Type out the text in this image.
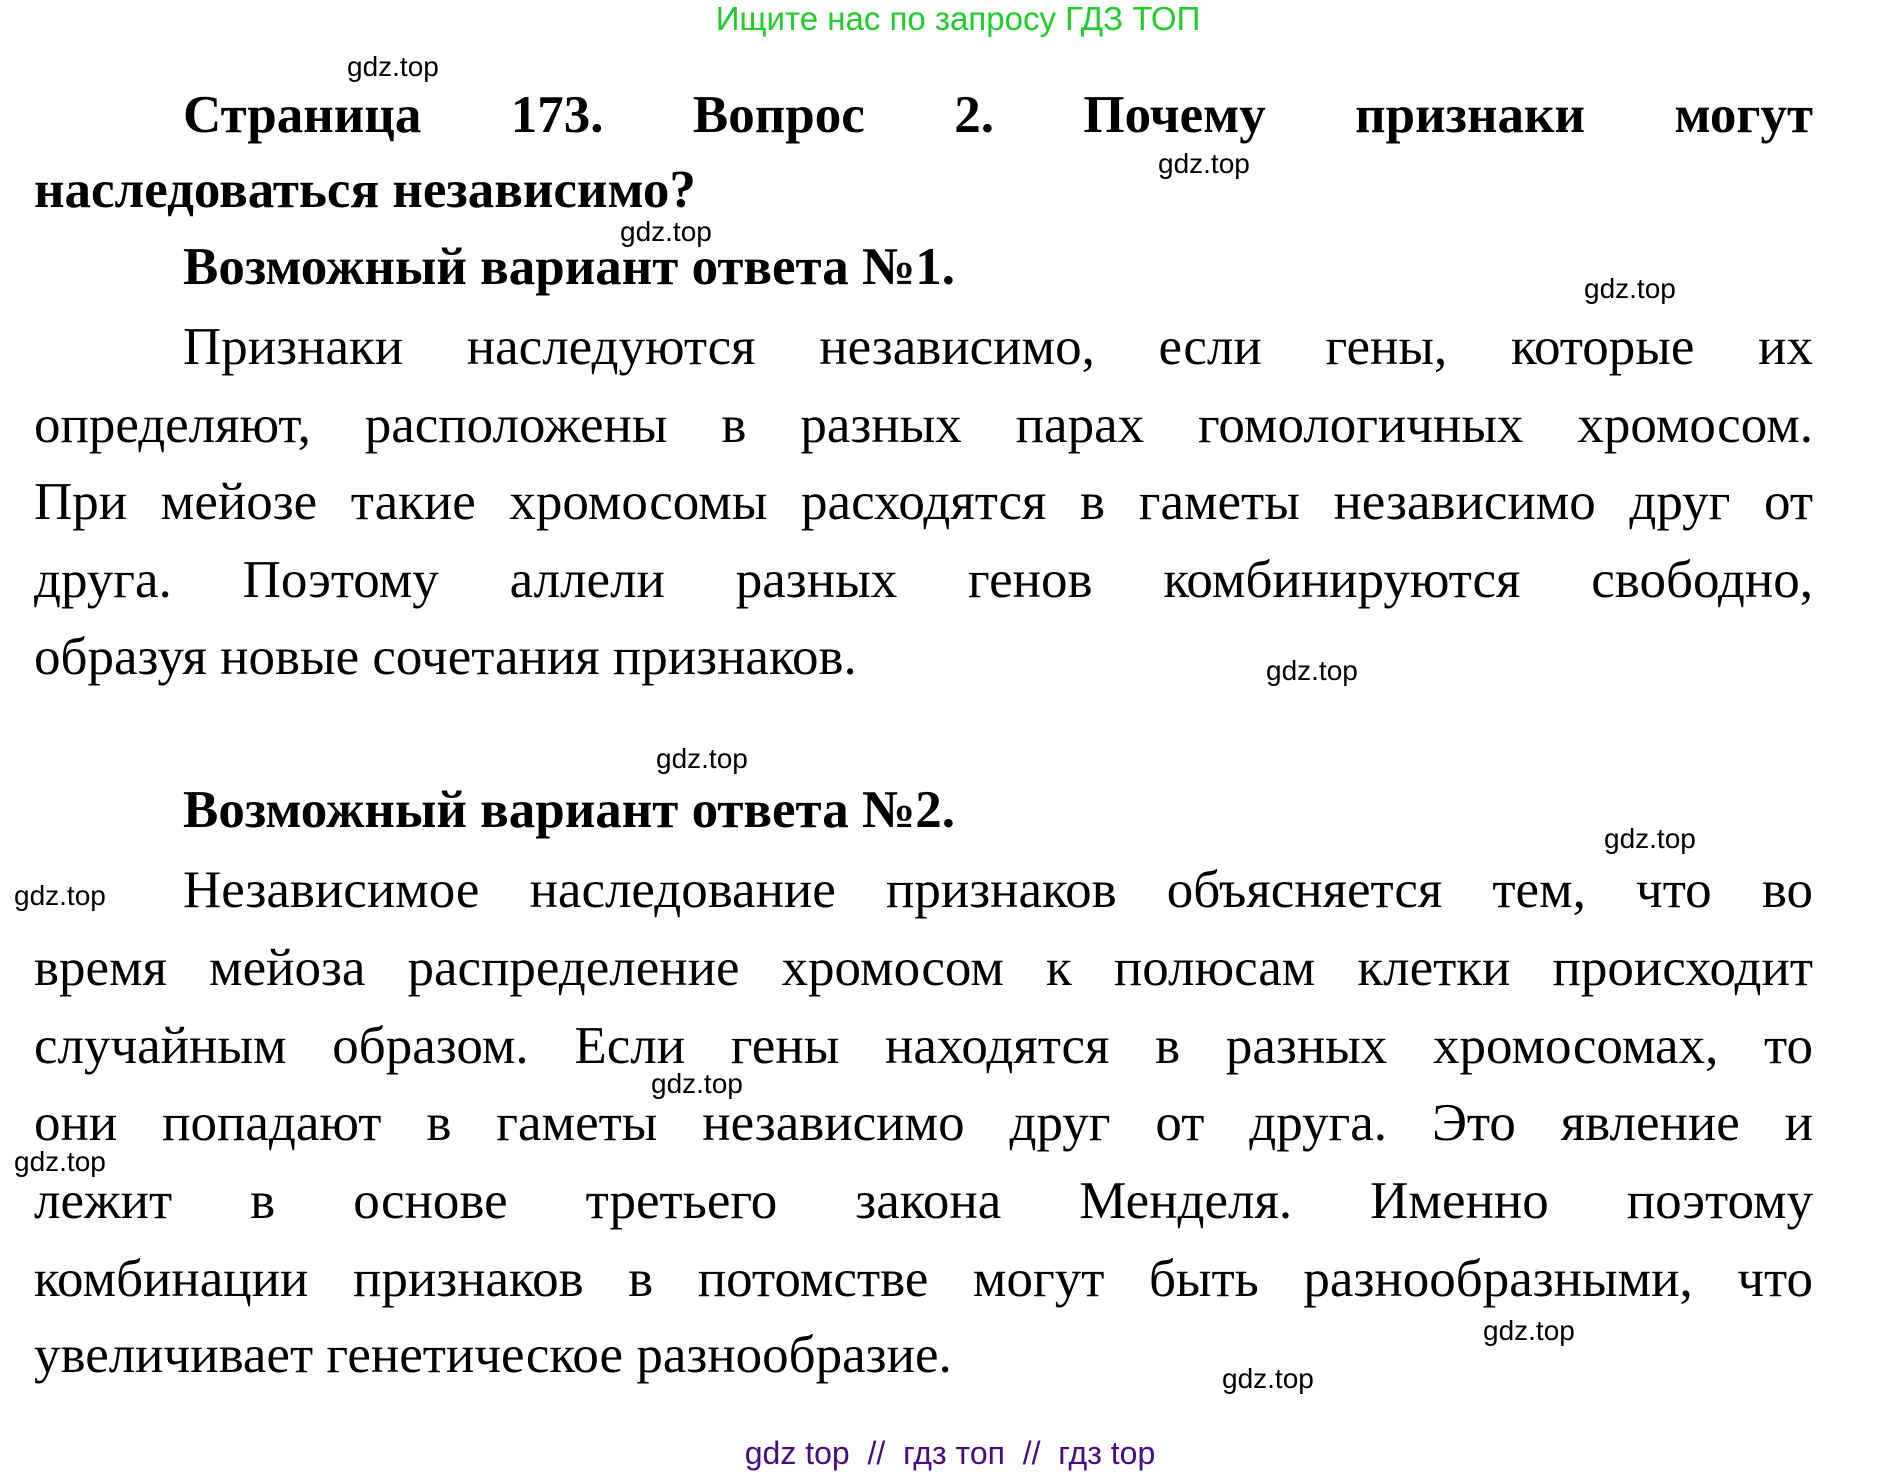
Ищите нас по запросу ГДЗ ТОП
Страница 173. Вопрос 2. Почему признаки могут
наследоваться независимо?
Возможный вариант ответа №1.
Признаки наследуются независимо, если гены, которые их
определяют, расположены в разных парах гомологичных хромосом.
При мейозе такие хромосомы расходятся в гаметы независимо друг от
друга. Поэтому аллели разных генов комбинируются свободно,
образуя новые сочетания признаков.
Возможный вариант ответа №2.
Независимое наследование признаков объясняется тем, что во
время мейоза распределение хромосом к полюсам клетки происходит
случайным образом. Если гены находятся в разных хромосомах, то
они попадают в гаметы независимо друг от друга. Это явление и
лежит в основе третьего закона Менделя. Именно поэтому
комбинации признаков в потомстве могут быть разнообразными, что
увеличивает генетическое разнообразие.
gdz.top
gdz.top
gdz.top
gdz.top
gdz.top
gdz.top
gdz.top
gdz.top
gdz.top
gdz.top
gdz.top
gdz.top
gdz top  //  гдз топ  //  гдз top
